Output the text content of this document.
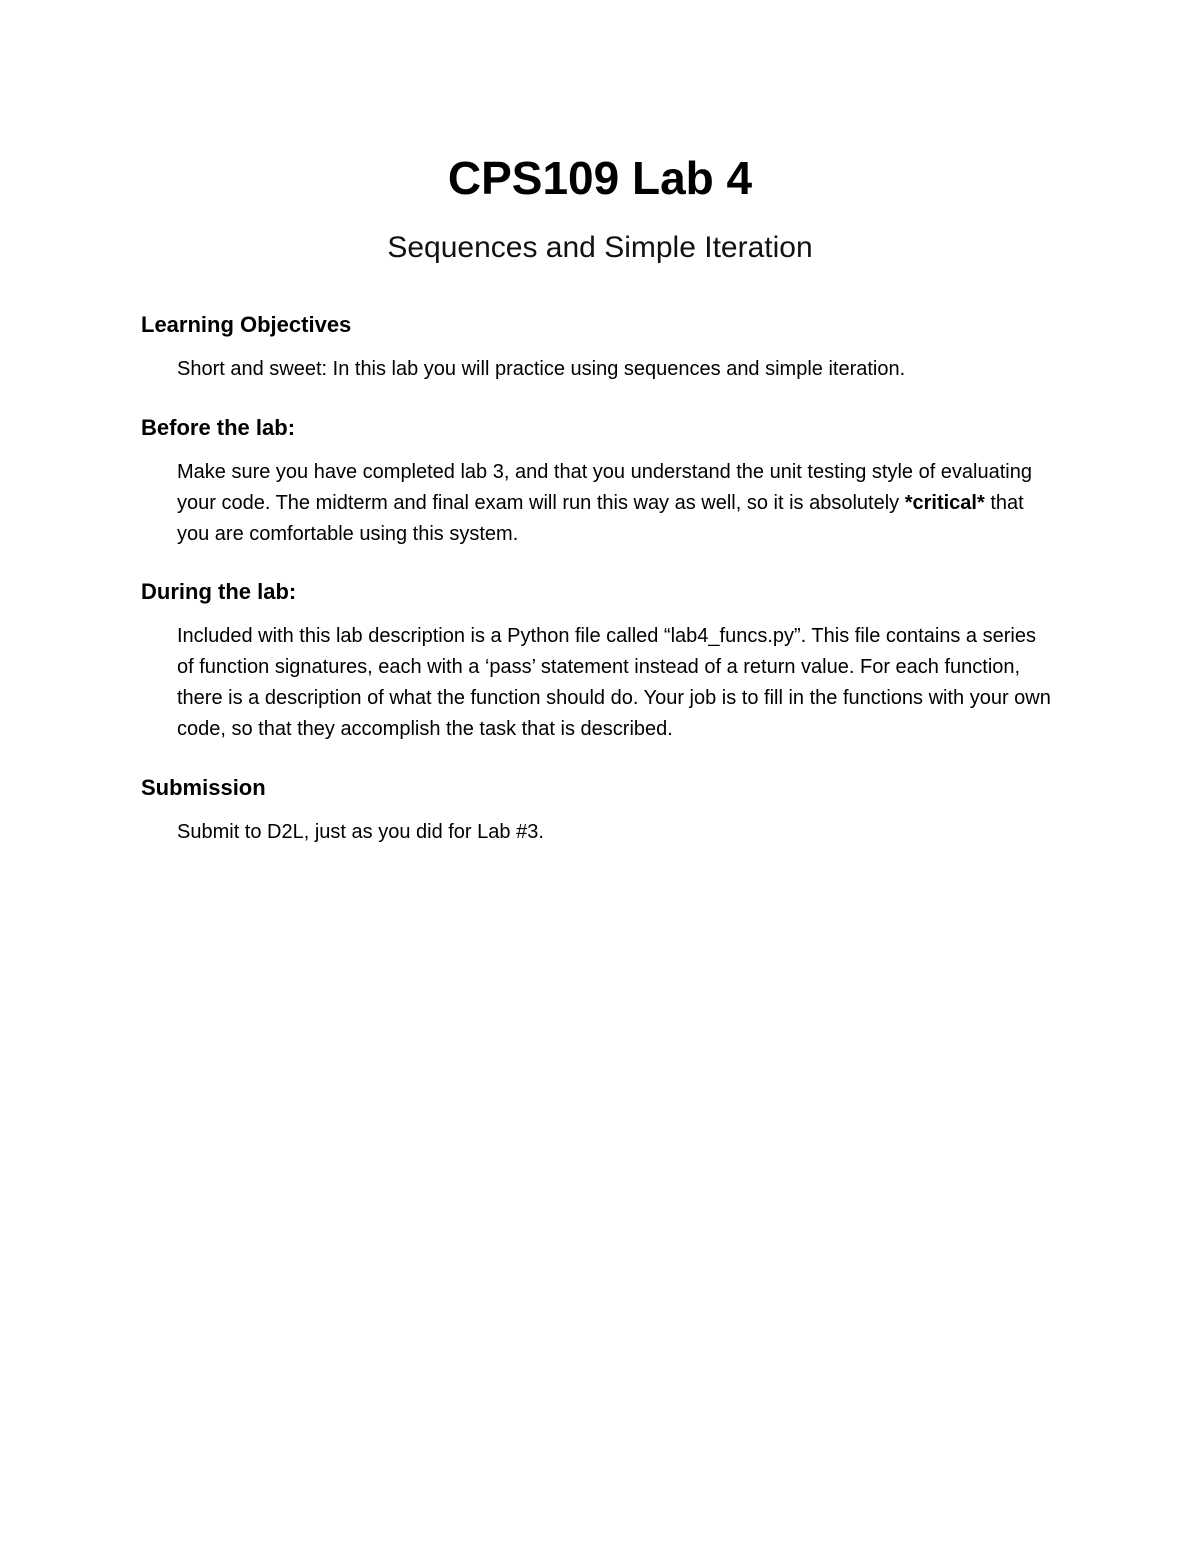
CPS109 Lab 4
Sequences and Simple Iteration
Learning Objectives

Short and sweet: In this lab you will practice using sequences and simple iteration.

Before the lab:

Make sure you have completed lab 3, and that you understand the unit testing style of evaluating your code. The midterm and final exam will run this way as well, so it is absolutely *critical* that you are comfortable using this system.

During the lab:

Included with this lab description is a Python file called “lab4_funcs.py”. This file contains a series of function signatures, each with a ‘pass’ statement instead of a return value. For each function, there is a description of what the function should do. Your job is to fill in the functions with your own code, so that they accomplish the task that is described.

Submission

Submit to D2L, just as you did for Lab #3.
